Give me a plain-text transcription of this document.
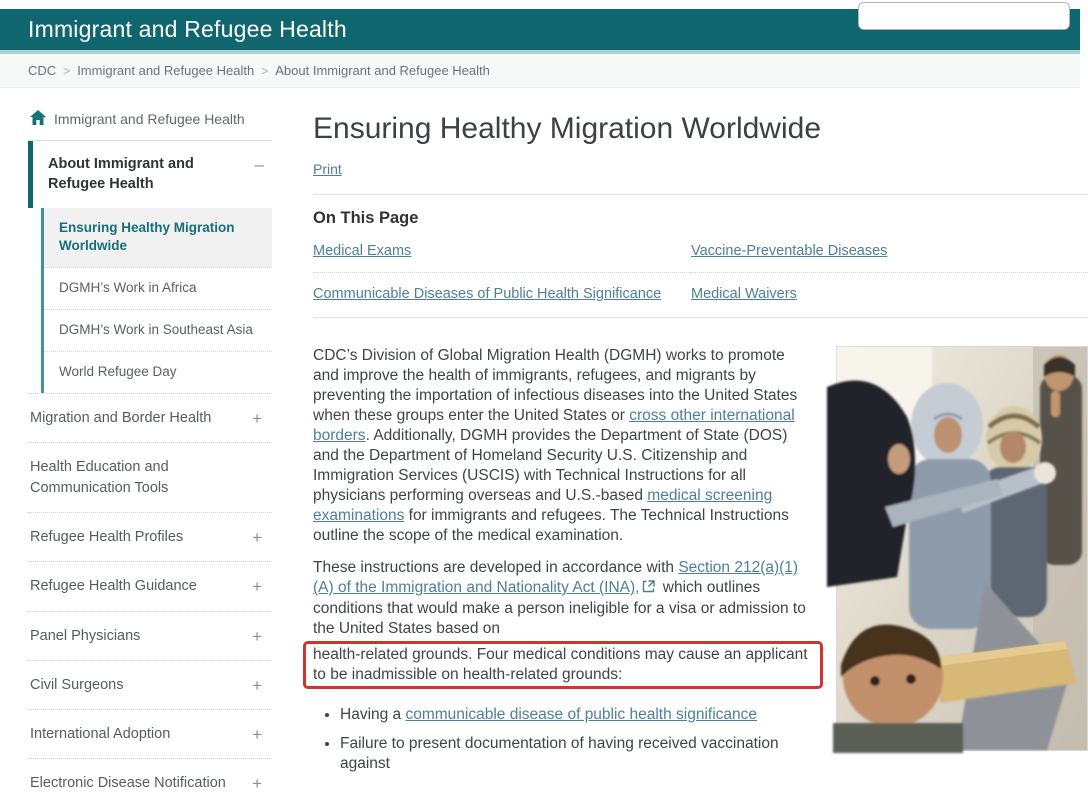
Immigrant and Refugee Health
CDC > Immigrant and Refugee Health > About Immigrant and Refugee Health
Immigrant and Refugee Health
About Immigrant and Refugee Health
–
Ensuring Healthy Migration Worldwide
DGMH’s Work in Africa
DGMH’s Work in Southeast Asia
World Refugee Day
Migration and Border Health +
Health Education and Communication Tools
Refugee Health Profiles	+
Refugee Health Guidance	+
Panel Physicians	+
Civil Surgeons	+
International Adoption	+
Electronic Disease Notification +
Ensuring Healthy Migration Worldwide
Print
On This Page
Medical Exams	Vaccine-Preventable Diseases
Communicable Diseases of Public Health Significance	Medical Waivers
CDC’s Division of Global Migration Health (DGMH) works to promote and improve the health of immigrants, refugees, and migrants by preventing the importation of infectious diseases into the United States when these groups enter the United States or cross other international borders. Additionally, DGMH provides the Department of State (DOS) and the Department of Homeland Security U.S. Citizenship and Immigration Services (USCIS) with Technical Instructions for all physicians performing overseas and U.S.-based medical screening examinations for immigrants and refugees. The Technical Instructions outline the scope of the medical examination.
These instructions are developed in accordance with Section 212(a)(1)(A) of the Immigration and Nationality Act (INA), which outlines conditions that would make a person ineligible for a visa or admission to the United States based on
health-related grounds. Four medical conditions may cause an applicant to be inadmissible on health-related grounds:
• Having a communicable disease of public health significance
• Failure to present documentation of having received vaccination against
